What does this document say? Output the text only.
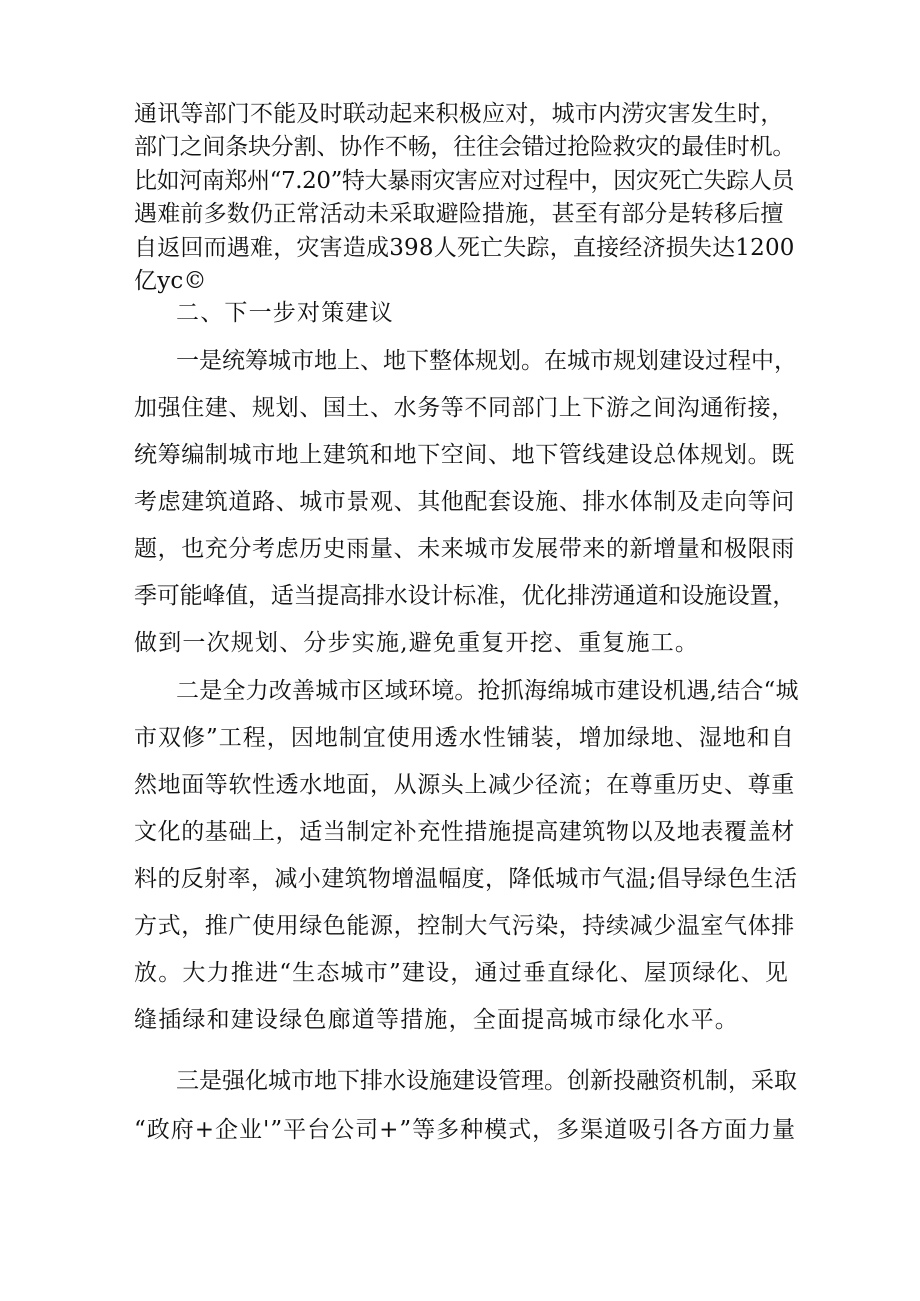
通讯等部门不能及时联动起来积极应对，城市内涝灾害发生时，
部门之间条块分割、协作不畅，往往会错过抢险救灾的最佳时机。
比如河南郑州“7.20”特大暴雨灾害应对过程中，因灾死亡失踪人员
遇难前多数仍正常活动未采取避险措施，甚至有部分是转移后擅
自返回而遇难，灾害造成398人死亡失踪，直接经济损失达1200
亿yc©
二、下一步对策建议
一是统筹城市地上、地下整体规划。在城市规划建设过程中，
加强住建、规划、国土、水务等不同部门上下游之间沟通衔接，
统筹编制城市地上建筑和地下空间、地下管线建设总体规划。既
考虑建筑道路、城市景观、其他配套设施、排水体制及走向等问
题，也充分考虑历史雨量、未来城市发展带来的新增量和极限雨
季可能峰值，适当提高排水设计标准，优化排涝通道和设施设置，
做到一次规划、分步实施,避免重复开挖、重复施工。
二是全力改善城市区域环境。抢抓海绵城市建设机遇,结合“城
市双修”工程，因地制宜使用透水性铺装，增加绿地、湿地和自
然地面等软性透水地面，从源头上减少径流；在尊重历史、尊重
文化的基础上，适当制定补充性措施提高建筑物以及地表覆盖材
料的反射率，减小建筑物增温幅度，降低城市气温;倡导绿色生活
方式，推广使用绿色能源，控制大气污染，持续减少温室气体排
放。大力推进“生态城市”建设，通过垂直绿化、屋顶绿化、见
缝插绿和建设绿色廊道等措施，全面提高城市绿化水平。
三是强化城市地下排水设施建设管理。创新投融资机制，采取
“政府+企业'”平台公司+”等多种模式，多渠道吸引各方面力量
